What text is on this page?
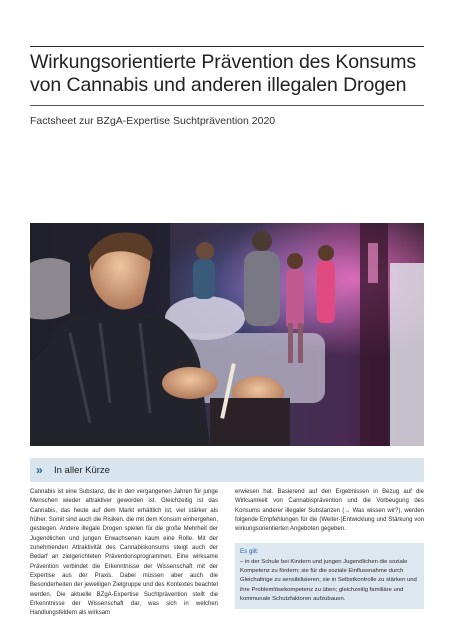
Wirkungsorientierte Prävention des Konsums von Cannabis und anderen illegalen Drogen
Factsheet zur BZgA-Expertise Suchtprävention 2020
»	In aller Kürze
Cannabis ist eine Substanz, die in den vergangenen Jahren für junge Menschen wieder attraktiver geworden ist. Gleichzeitig ist das Cannabis, das heute auf dem Markt erhältlich ist, viel stärker als früher. Somit sind auch die Risiken, die mit dem Konsum einhergehen, gestiegen. Andere illegale Drogen spielen für die große Mehrheit der Jugendlichen und jungen Erwachsenen kaum eine Rolle. Mit der zunehmenden Attraktivität des Cannabiskonsums steigt auch der Bedarf an zielgerichteten Präventionsprogrammen. Eine wirksame Prävention verbindet die Erkenntnisse der Wissenschaft mit der Expertise aus der Praxis. Dabei müssen aber auch die Besonderheiten der jeweiligen Zielgruppe und des Kontextes beachtet werden. Die aktuelle BZgA-Expertise Suchtprävention stellt die Erkenntnisse der Wissenschaft dar, was sich in welchen Handlungsfeldern als wirksam
erwiesen hat. Basierend auf den Ergebnissen in Bezug auf die Wirksamkeit von Cannabisprävention und die Vorbeugung des Konsums anderer illegaler Substanzen (→ Was wissen wir?), werden folgende Empfehlungen für die (Weiter-)Entwicklung und Stärkung von wirkungsorientierten Angeboten gegeben.
Es gilt:
– in der Schule bei Kindern und jungen Jugendlichen die soziale Kompetenz zu fördern; sie für die soziale Einflussnahme durch Gleichaltrige zu sensibilisieren; sie in Selbstkontrolle zu stärken und ihre Problemlösekompetenz zu üben; gleichzeitig familiäre und kommunale Schutzfaktoren aufzubauen.
